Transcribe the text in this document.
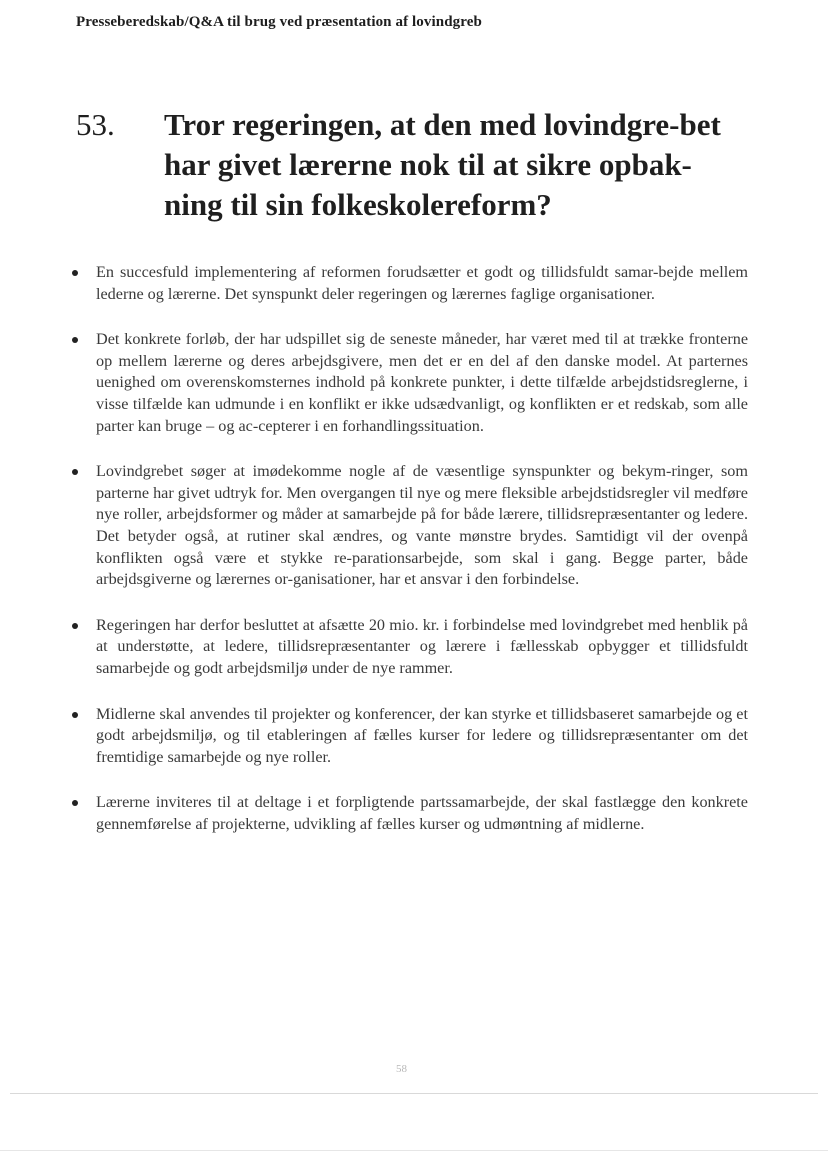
Presseberedskab/Q&A til brug ved præsentation af lovindgreb
53. Tror regeringen, at den med lovindgre-bet har givet lærerne nok til at sikre opbak-ning til sin folkeskolereform?
En succesfuld implementering af reformen forudsætter et godt og tillidsfuldt samar-bejde mellem lederne og lærerne. Det synspunkt deler regeringen og lærernes faglige organisationer.
Det konkrete forløb, der har udspillet sig de seneste måneder, har været med til at trække fronterne op mellem lærerne og deres arbejdsgivere, men det er en del af den danske model. At parternes uenighed om overenskomsternes indhold på konkrete punkter, i dette tilfælde arbejdstidsreglerne, i visse tilfælde kan udmunde i en konflikt er ikke udsædvanligt, og konflikten er et redskab, som alle parter kan bruge – og ac-cepterer i en forhandlingssituation.
Lovindgrebet søger at imødekomme nogle af de væsentlige synspunkter og bekym-ringer, som parterne har givet udtryk for. Men overgangen til nye og mere fleksible arbejdstidsregler vil medføre nye roller, arbejdsformer og måder at samarbejde på for både lærere, tillidsrepræsentanter og ledere. Det betyder også, at rutiner skal ændres, og vante mønstre brydes. Samtidigt vil der ovenpå konflikten også være et stykke re-parationsarbejde, som skal i gang. Begge parter, både arbejdsgiverne og lærernes or-ganisationer, har et ansvar i den forbindelse.
Regeringen har derfor besluttet at afsætte 20 mio. kr. i forbindelse med lovindgrebet med henblik på at understøtte, at ledere, tillidsrepræsentanter og lærere i fællesskab opbygger et tillidsfuldt samarbejde og godt arbejdsmiljø under de nye rammer.
Midlerne skal anvendes til projekter og konferencer, der kan styrke et tillidsbaseret samarbejde og et godt arbejdsmiljø, og til etableringen af fælles kurser for ledere og tillidsrepræsentanter om det fremtidige samarbejde og nye roller.
Lærerne inviteres til at deltage i et forpligtende partssamarbejde, der skal fastlægge den konkrete gennemførelse af projekterne, udvikling af fælles kurser og udmøntning af midlerne.
58
